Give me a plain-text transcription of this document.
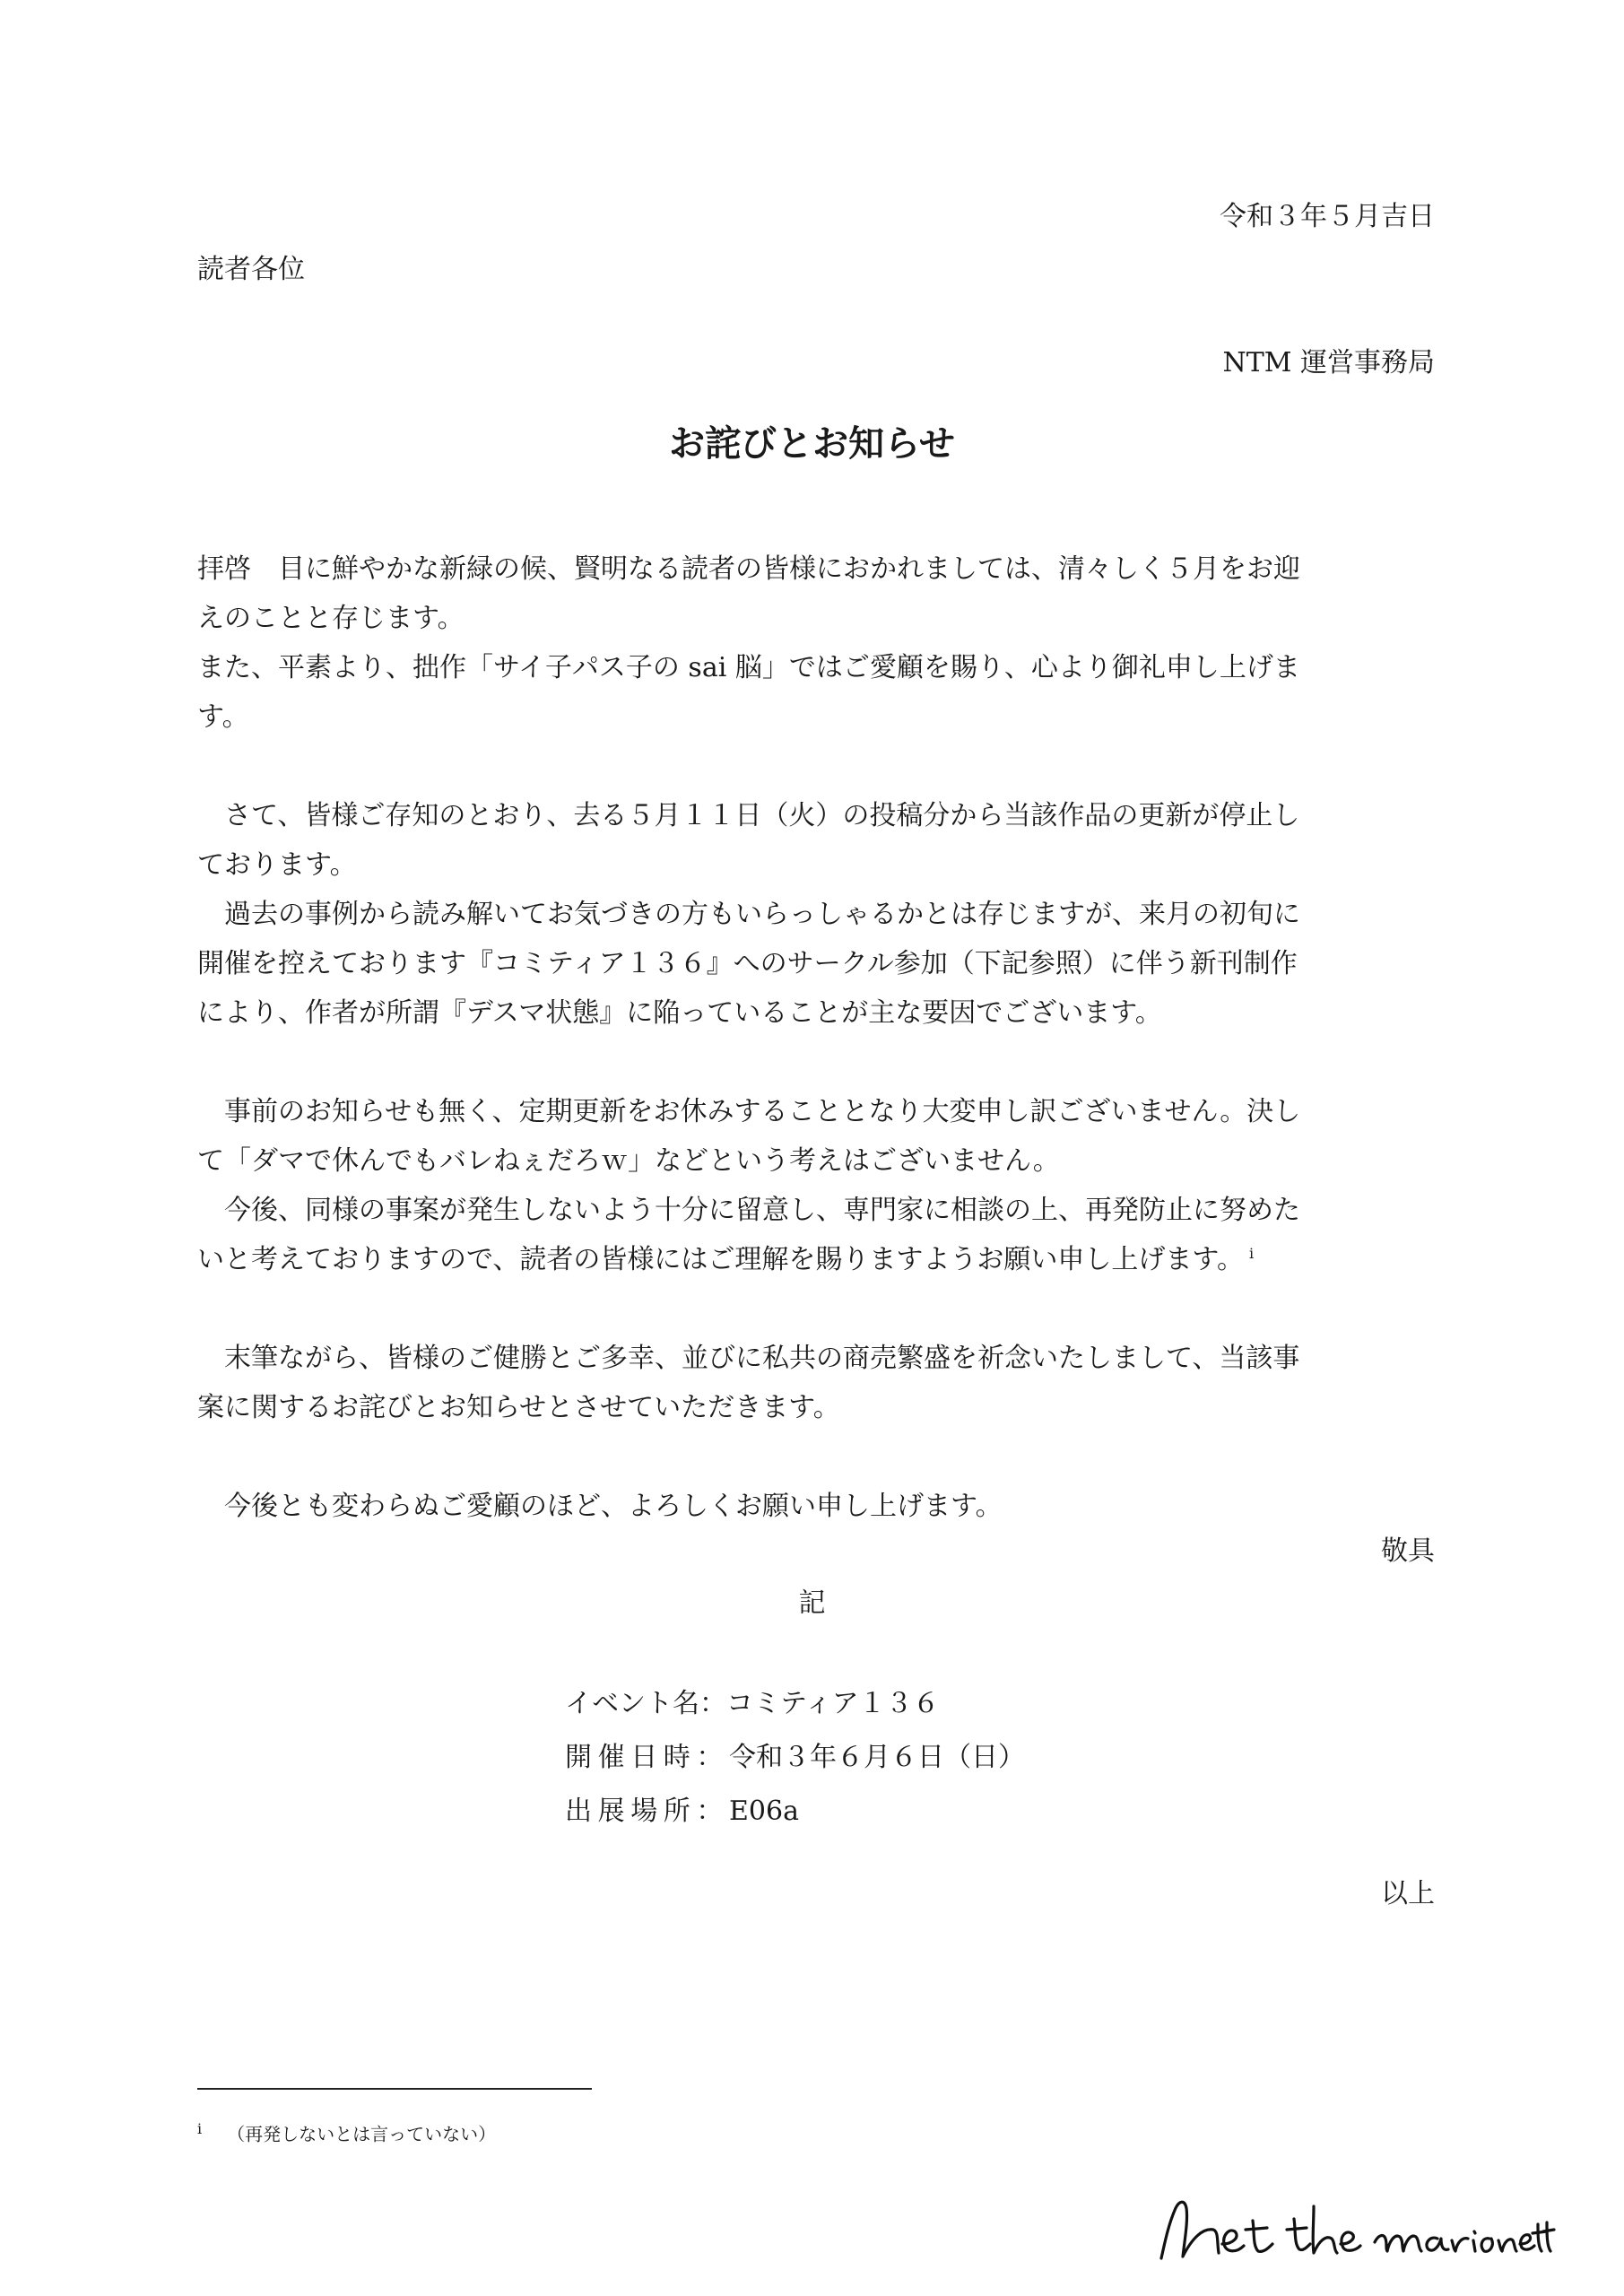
令和３年５月吉日
読者各位
NTM 運営事務局
お詫びとお知らせ

拝啓　目に鮮やかな新緑の候、賢明なる読者の皆様におかれましては、清々しく５月をお迎

えのことと存じます。

また、平素より、拙作「サイ子パス子の sai 脳」ではご愛顧を賜り、心より御礼申し上げま

す。

　さて、皆様ご存知のとおり、去る５月１１日（火）の投稿分から当該作品の更新が停止し

ております。

　過去の事例から読み解いてお気づきの方もいらっしゃるかとは存じますが、来月の初旬に

開催を控えております『コミティア１３６』へのサークル参加（下記参照）に伴う新刊制作

により、作者が所謂『デスマ状態』に陥っていることが主な要因でございます。

　事前のお知らせも無く、定期更新をお休みすることとなり大変申し訳ございません。決し

て「ダマで休んでもバレねぇだろｗ」などという考えはございません。

　今後、同様の事案が発生しないよう十分に留意し、専門家に相談の上、再発防止に努めた

いと考えておりますので、読者の皆様にはご理解を賜りますようお願い申し上げます。 $^i$

　末筆ながら、皆様のご健勝とご多幸、並びに私共の商売繁盛を祈念いたしまして、当該事

案に関するお詫びとお知らせとさせていただきます。

　今後とも変わらぬご愛顧のほど、よろしくお願い申し上げます。

敬具
記
イベント名：コミティア１３６
開催日時：令和３年６月６日（日）
出展場所：E06a
以上
$^i$ （再発しないとは言っていない）
